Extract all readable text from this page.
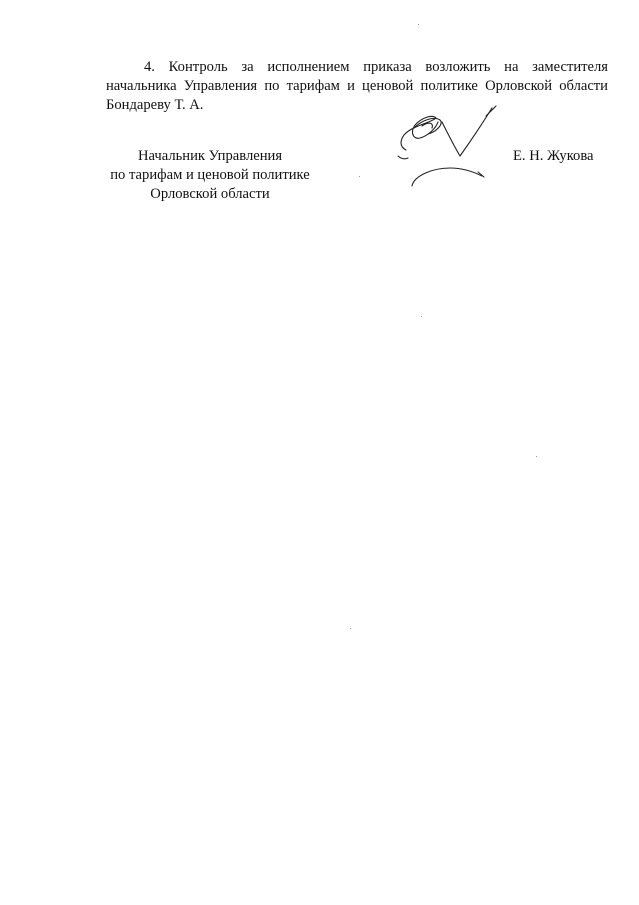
4. Контроль за исполнением приказа возложить на заместителя начальника Управления по тарифам и ценовой политике Орловской области Бондареву Т. А.

Начальник Управления
по тарифам и ценовой политике
Орловской области
Е. Н. Жукова
